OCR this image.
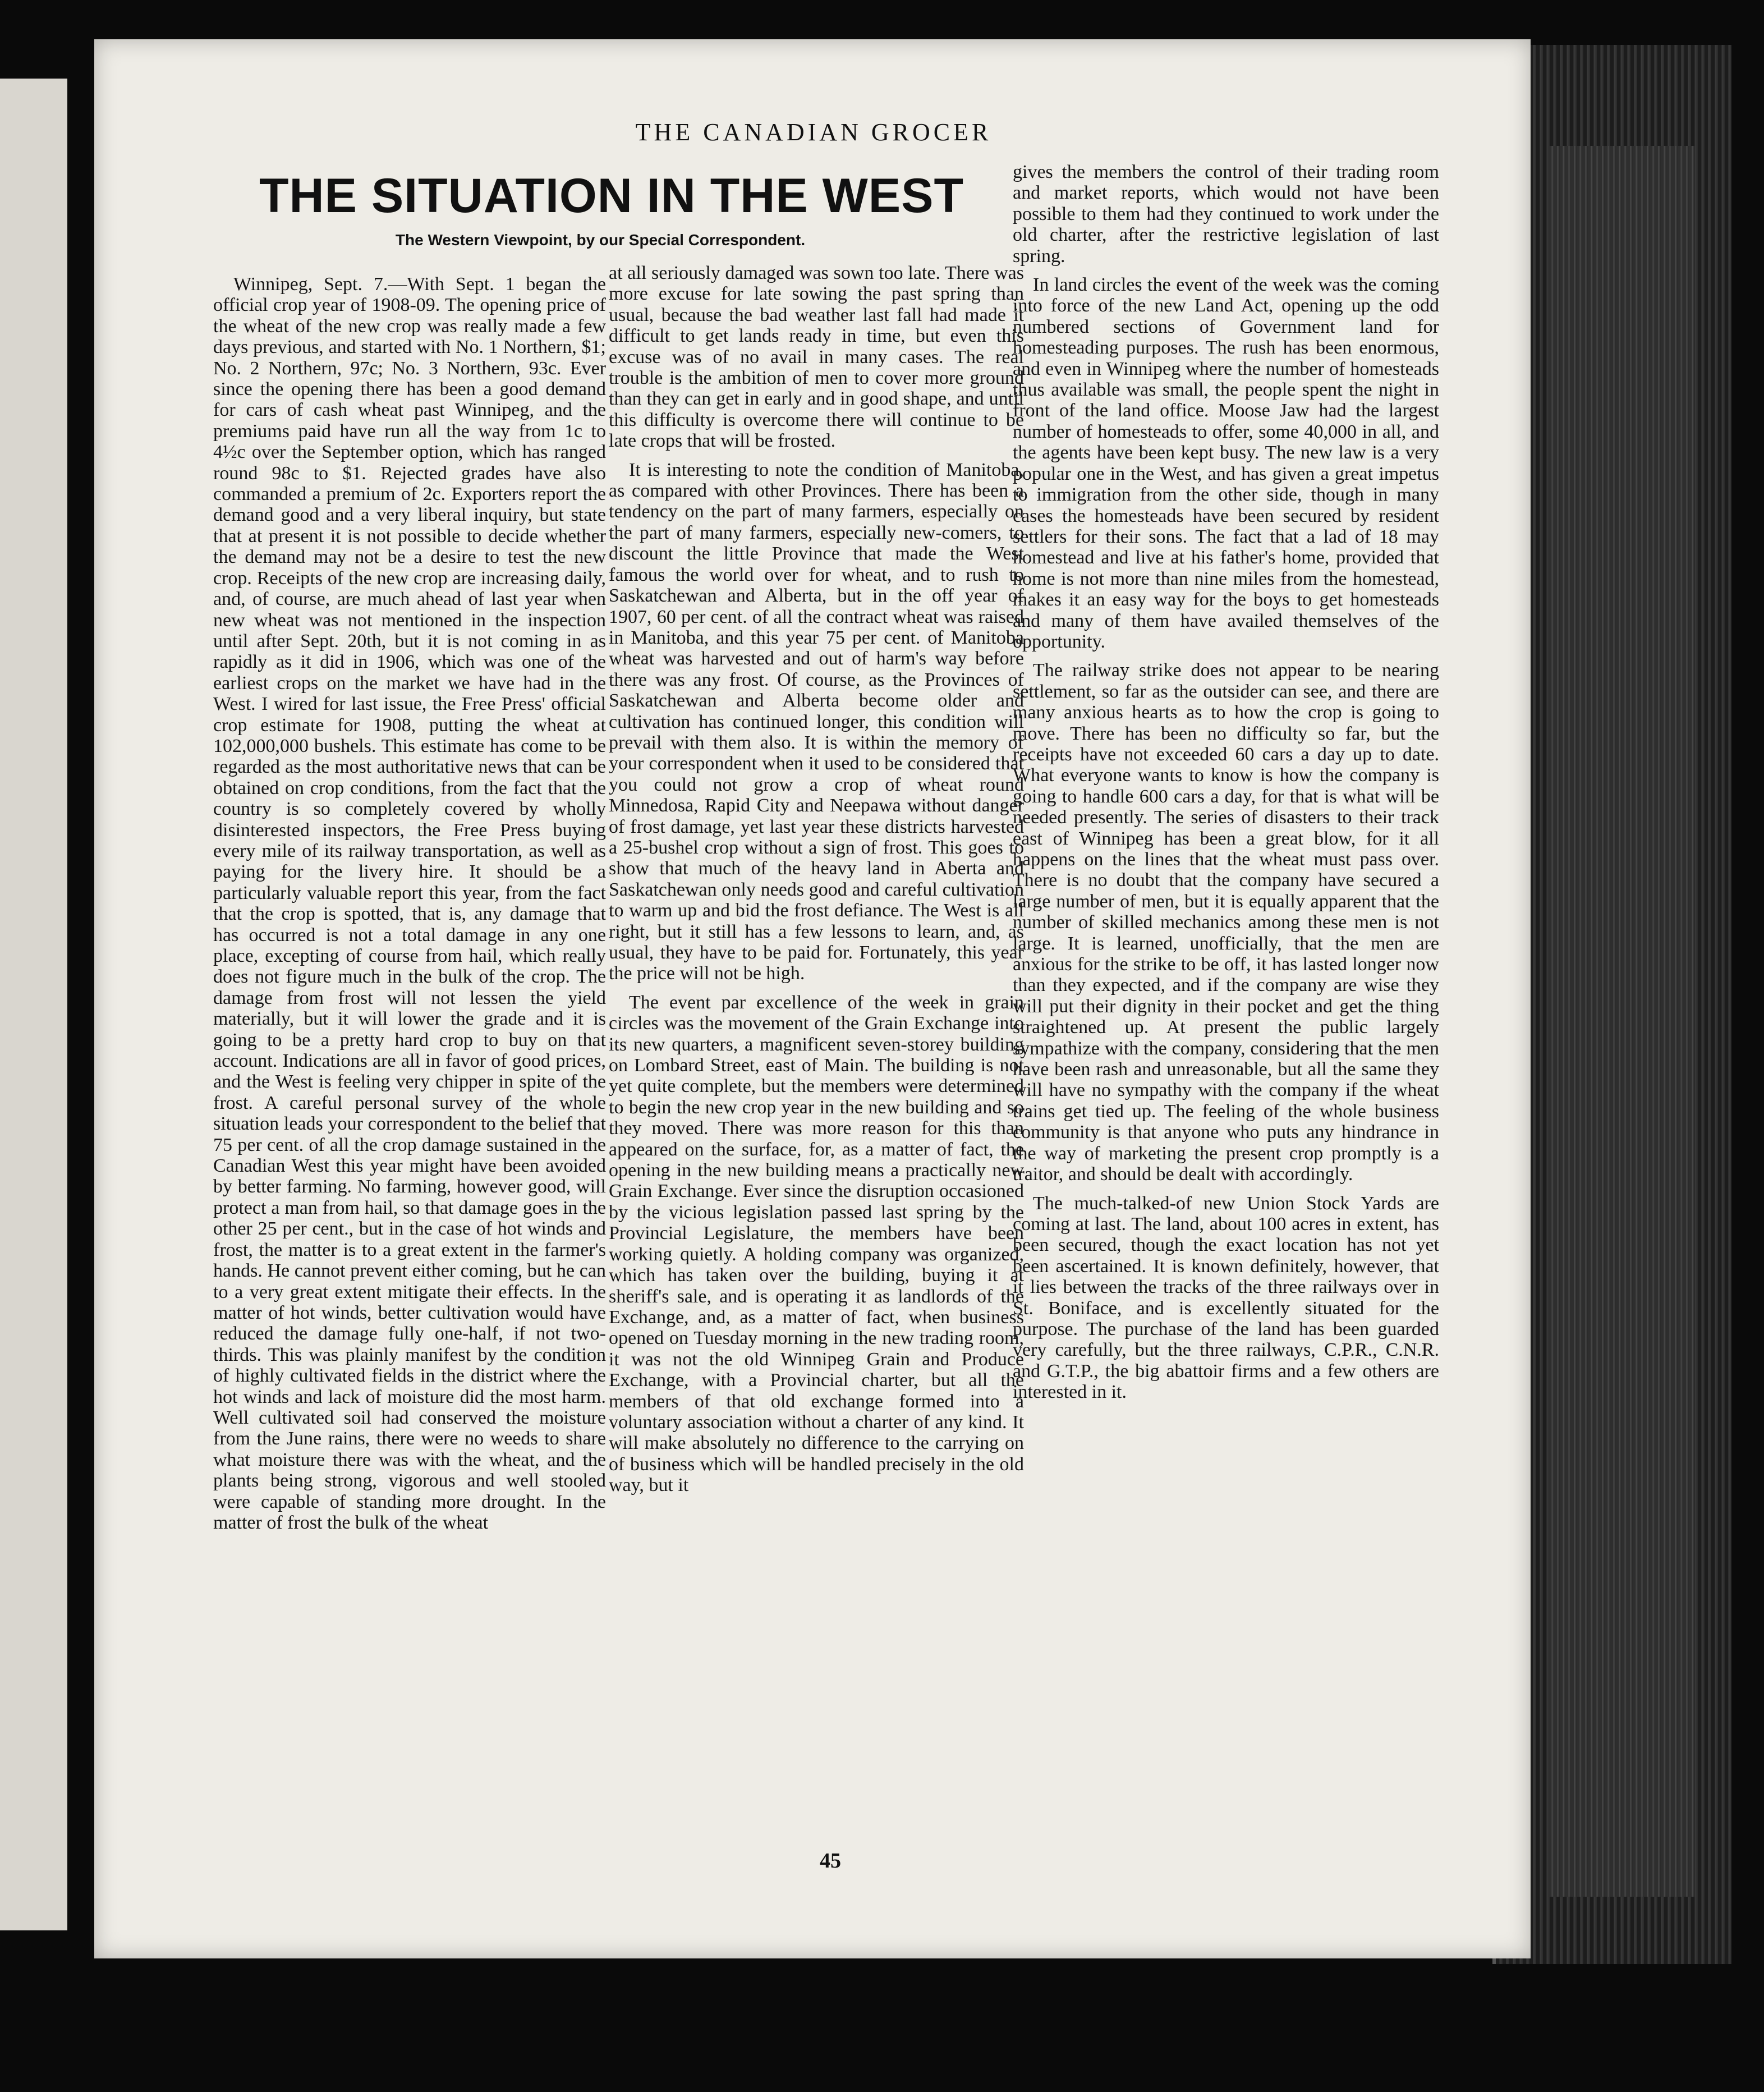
THE CANADIAN GROCER
THE SITUATION IN THE WEST
The Western Viewpoint, by our Special Correspondent.

Winnipeg, Sept. 7.—With Sept. 1 began the official crop year of 1908-09. The opening price of the wheat of the new crop was really made a few days previous, and started with No. 1 Northern, $1; No. 2 Northern, 97c; No. 3 Northern, 93c. Ever since the opening there has been a good demand for cars of cash wheat past Winnipeg, and the premiums paid have run all the way from 1c to 4½c over the September option, which has ranged round 98c to $1. Rejected grades have also commanded a premium of 2c. Exporters report the demand good and a very liberal inquiry, but state that at present it is not possible to decide whether the demand may not be a desire to test the new crop. Receipts of the new crop are increasing daily, and, of course, are much ahead of last year when new wheat was not mentioned in the inspection until after Sept. 20th, but it is not coming in as rapidly as it did in 1906, which was one of the earliest crops on the market we have had in the West. I wired for last issue, the Free Press' official crop estimate for 1908, putting the wheat at 102,000,000 bushels. This estimate has come to be regarded as the most authoritative news that can be obtained on crop conditions, from the fact that the country is so completely covered by wholly disinterested inspectors, the Free Press buying every mile of its railway transportation, as well as paying for the livery hire. It should be a particularly valuable report this year, from the fact that the crop is spotted, that is, any damage that has occurred is not a total damage in any one place, excepting of course from hail, which really does not figure much in the bulk of the crop. The damage from frost will not lessen the yield materially, but it will lower the grade and it is going to be a pretty hard crop to buy on that account. Indications are all in favor of good prices, and the West is feeling very chipper in spite of the frost. A careful personal survey of the whole situation leads your correspondent to the belief that 75 per cent. of all the crop damage sustained in the Canadian West this year might have been avoided by better farming. No farming, however good, will protect a man from hail, so that damage goes in the other 25 per cent., but in the case of hot winds and frost, the matter is to a great extent in the farmer's hands. He cannot prevent either coming, but he can to a very great extent mitigate their effects. In the matter of hot winds, better cultivation would have reduced the damage fully one-half, if not two-thirds. This was plainly manifest by the condition of highly cultivated fields in the district where the hot winds and lack of moisture did the most harm. Well cultivated soil had conserved the moisture from the June rains, there were no weeds to share what moisture there was with the wheat, and the plants being strong, vigorous and well stooled were capable of standing more drought. In the matter of frost the bulk of the wheat

at all seriously damaged was sown too late. There was more excuse for late sowing the past spring than usual, because the bad weather last fall had made it difficult to get lands ready in time, but even this excuse was of no avail in many cases. The real trouble is the ambition of men to cover more ground than they can get in early and in good shape, and until this difficulty is overcome there will continue to be late crops that will be frosted.

It is interesting to note the condition of Manitoba, as compared with other Provinces. There has been a tendency on the part of many farmers, especially on the part of many farmers, especially new-comers, to discount the little Province that made the West famous the world over for wheat, and to rush to Saskatchewan and Alberta, but in the off year of 1907, 60 per cent. of all the contract wheat was raised in Manitoba, and this year 75 per cent. of Manitoba wheat was harvested and out of harm's way before there was any frost. Of course, as the Provinces of Saskatchewan and Alberta become older and cultivation has continued longer, this condition will prevail with them also. It is within the memory of your correspondent when it used to be considered that you could not grow a crop of wheat round Minnedosa, Rapid City and Neepawa without danger of frost damage, yet last year these districts harvested a 25-bushel crop without a sign of frost. This goes to show that much of the heavy land in Aberta and Saskatchewan only needs good and careful cultivation to warm up and bid the frost defiance. The West is all right, but it still has a few lessons to learn, and, as usual, they have to be paid for. Fortunately, this year the price will not be high.

The event par excellence of the week in grain circles was the movement of the Grain Exchange into its new quarters, a magnificent seven-storey building on Lombard Street, east of Main. The building is not yet quite complete, but the members were determined to begin the new crop year in the new building and so they moved. There was more reason for this than appeared on the surface, for, as a matter of fact, the opening in the new building means a practically new Grain Exchange. Ever since the disruption occasioned by the vicious legislation passed last spring by the Provincial Legislature, the members have been working quietly. A holding company was organized, which has taken over the building, buying it at sheriff's sale, and is operating it as landlords of the Exchange, and, as a matter of fact, when business opened on Tuesday morning in the new trading room, it was not the old Winnipeg Grain and Produce Exchange, with a Provincial charter, but all the members of that old exchange formed into a voluntary association without a charter of any kind. It will make absolutely no difference to the carrying on of business which will be handled precisely in the old way, but it

gives the members the control of their trading room and market reports, which would not have been possible to them had they continued to work under the old charter, after the restrictive legislation of last spring.

In land circles the event of the week was the coming into force of the new Land Act, opening up the odd numbered sections of Government land for homesteading purposes. The rush has been enormous, and even in Winnipeg where the number of homesteads thus available was small, the people spent the night in front of the land office. Moose Jaw had the largest number of homesteads to offer, some 40,000 in all, and the agents have been kept busy. The new law is a very popular one in the West, and has given a great impetus to immigration from the other side, though in many cases the homesteads have been secured by resident settlers for their sons. The fact that a lad of 18 may homestead and live at his father's home, provided that home is not more than nine miles from the homestead, makes it an easy way for the boys to get homesteads and many of them have availed themselves of the opportunity.

The railway strike does not appear to be nearing settlement, so far as the outsider can see, and there are many anxious hearts as to how the crop is going to move. There has been no difficulty so far, but the receipts have not exceeded 60 cars a day up to date. What everyone wants to know is how the company is going to handle 600 cars a day, for that is what will be needed presently. The series of disasters to their track east of Winnipeg has been a great blow, for it all happens on the lines that the wheat must pass over. There is no doubt that the company have secured a large number of men, but it is equally apparent that the number of skilled mechanics among these men is not large. It is learned, unofficially, that the men are anxious for the strike to be off, it has lasted longer now than they expected, and if the company are wise they will put their dignity in their pocket and get the thing straightened up. At present the public largely sympathize with the company, considering that the men have been rash and unreasonable, but all the same they will have no sympathy with the company if the wheat trains get tied up. The feeling of the whole business community is that anyone who puts any hindrance in the way of marketing the present crop promptly is a traitor, and should be dealt with accordingly.

The much-talked-of new Union Stock Yards are coming at last. The land, about 100 acres in extent, has been secured, though the exact location has not yet been ascertained. It is known definitely, however, that it lies between the tracks of the three railways over in St. Boniface, and is excellently situated for the purpose. The purchase of the land has been guarded very carefully, but the three railways, C.P.R., C.N.R. and G.T.P., the big abattoir firms and a few others are interested in it.

45
